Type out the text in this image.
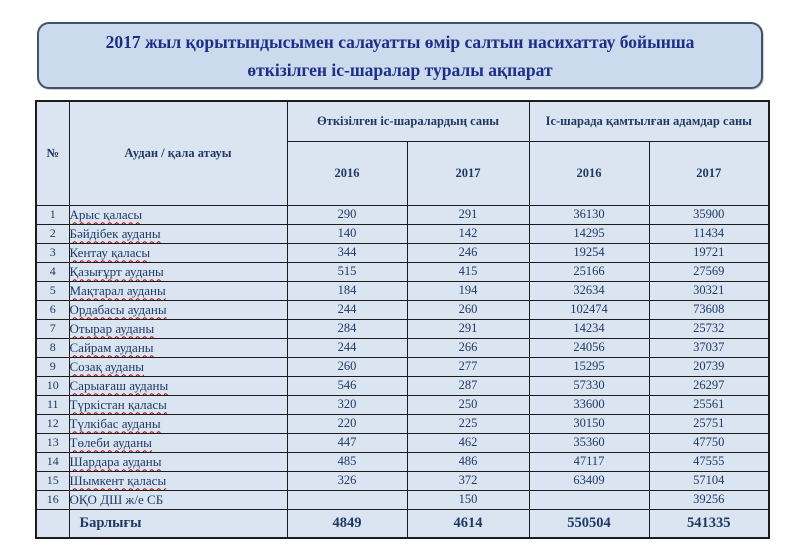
2017 жыл қорытындысымен салауатты өмір салтын насихаттау бойынша өткізілген іс-шаралар туралы ақпарат
№	Аудан / қала атауы	Өткізілген іс-шаралардың саны		Іс-шарада қамтылған адамдар саны	
		2016	2017	2016	2017
1	Арыс қаласы	290	291	36130	35900
2	Бәйдібек ауданы	140	142	14295	11434
3	Кентау қаласы	344	246	19254	19721
4	Қазығұрт ауданы	515	415	25166	27569
5	Мақтарал ауданы	184	194	32634	30321
6	Ордабасы ауданы	244	260	102474	73608
7	Отырар ауданы	284	291	14234	25732
8	Сайрам ауданы	244	266	24056	37037
9	Созақ ауданы	260	277	15295	20739
10	Сарыағаш ауданы	546	287	57330	26297
11	Түркістан қаласы	320	250	33600	25561
12	Түлкібас ауданы	220	225	30150	25751
13	Төлеби ауданы	447	462	35360	47750
14	Шардара ауданы	485	486	47117	47555
15	Шымкент қаласы	326	372	63409	57104
16	ОҚО ДШ ж/е СБ		150		39256
	Барлығы	4849	4614	550504	541335
